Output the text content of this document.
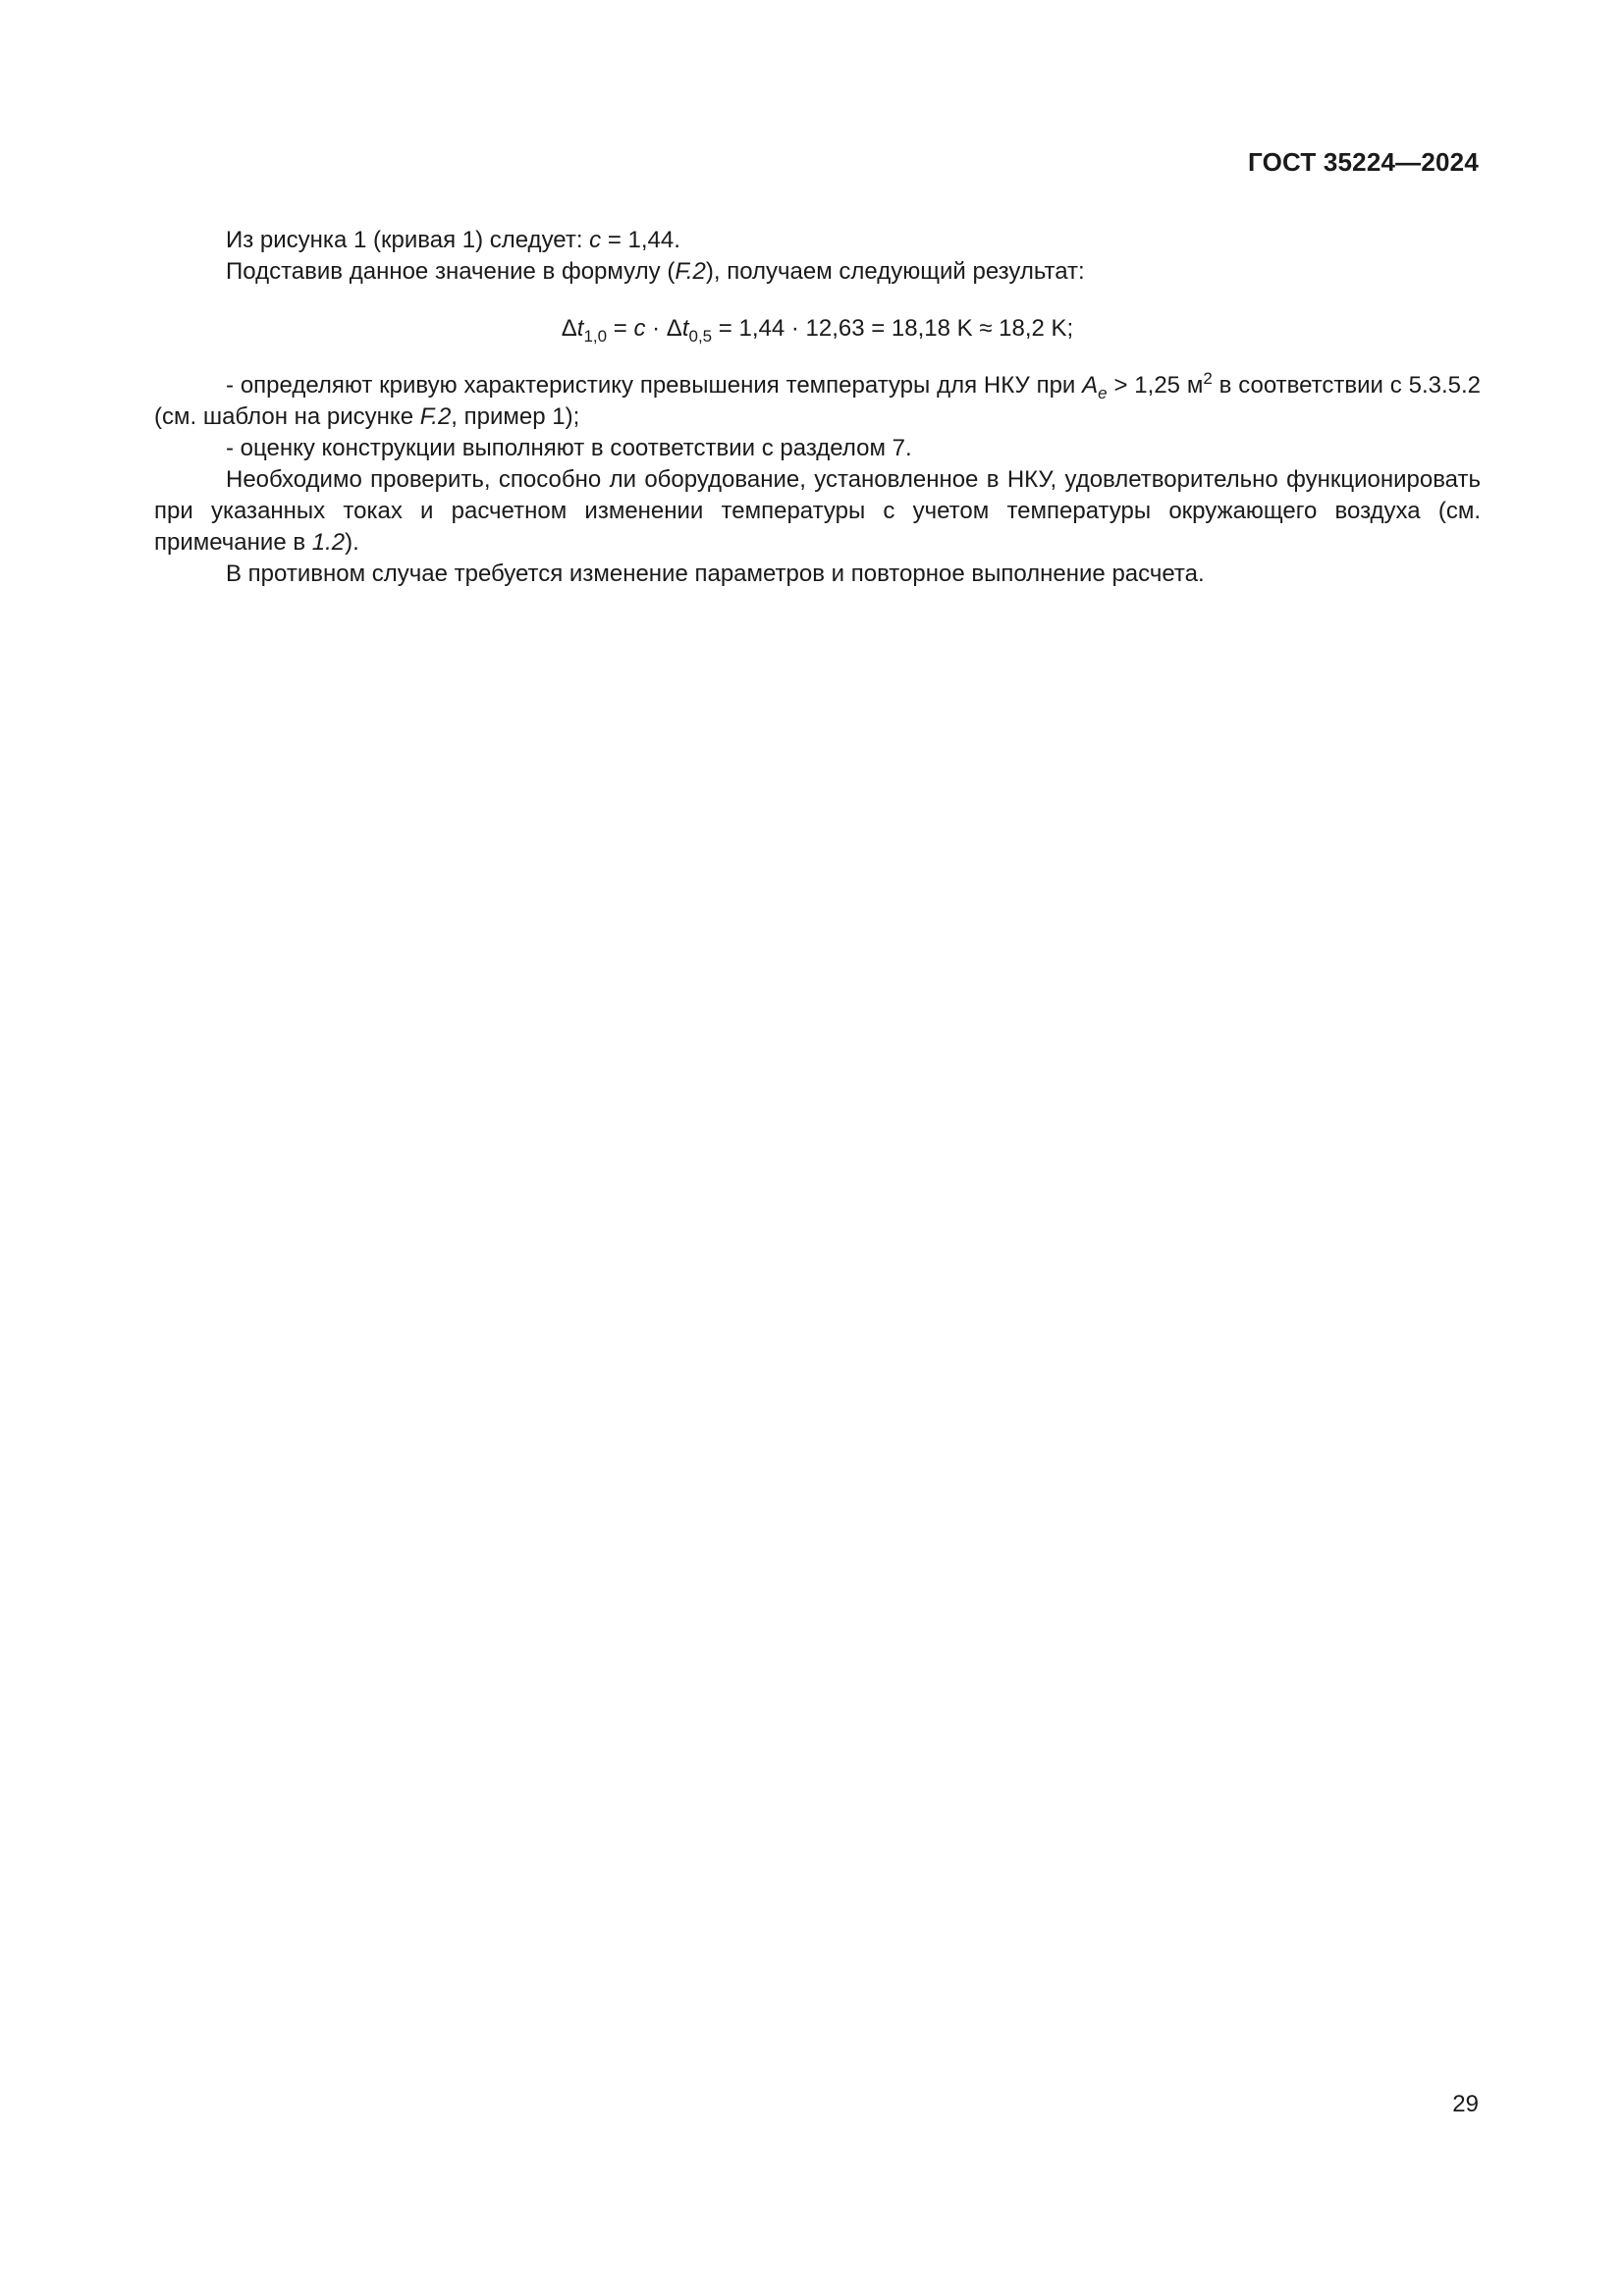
ГОСТ 35224—2024

Из рисунка 1 (кривая 1) следует: c = 1,44.

Подставив данное значение в формулу (F.2), получаем следующий результат:

$\Delta t_{1,0} = c \cdot \Delta t_{0,5} = 1,44 \cdot 12,63 = 18,18$ K ≈ 18,2 K;

- определяют кривую характеристику превышения температуры для НКУ при $A_e > 1,25$ $м^2$ в соответствии с 5.3.5.2 (см. шаблон на рисунке F.2, пример 1);

- оценку конструкции выполняют в соответствии с разделом 7.

Необходимо проверить, способно ли оборудование, установленное в НКУ, удовлетворительно функционировать при указанных токах и расчетном изменении температуры с учетом температуры окружающего воздуха (см. примечание в 1.2).

В противном случае требуется изменение параметров и повторное выполнение расчета.

29
